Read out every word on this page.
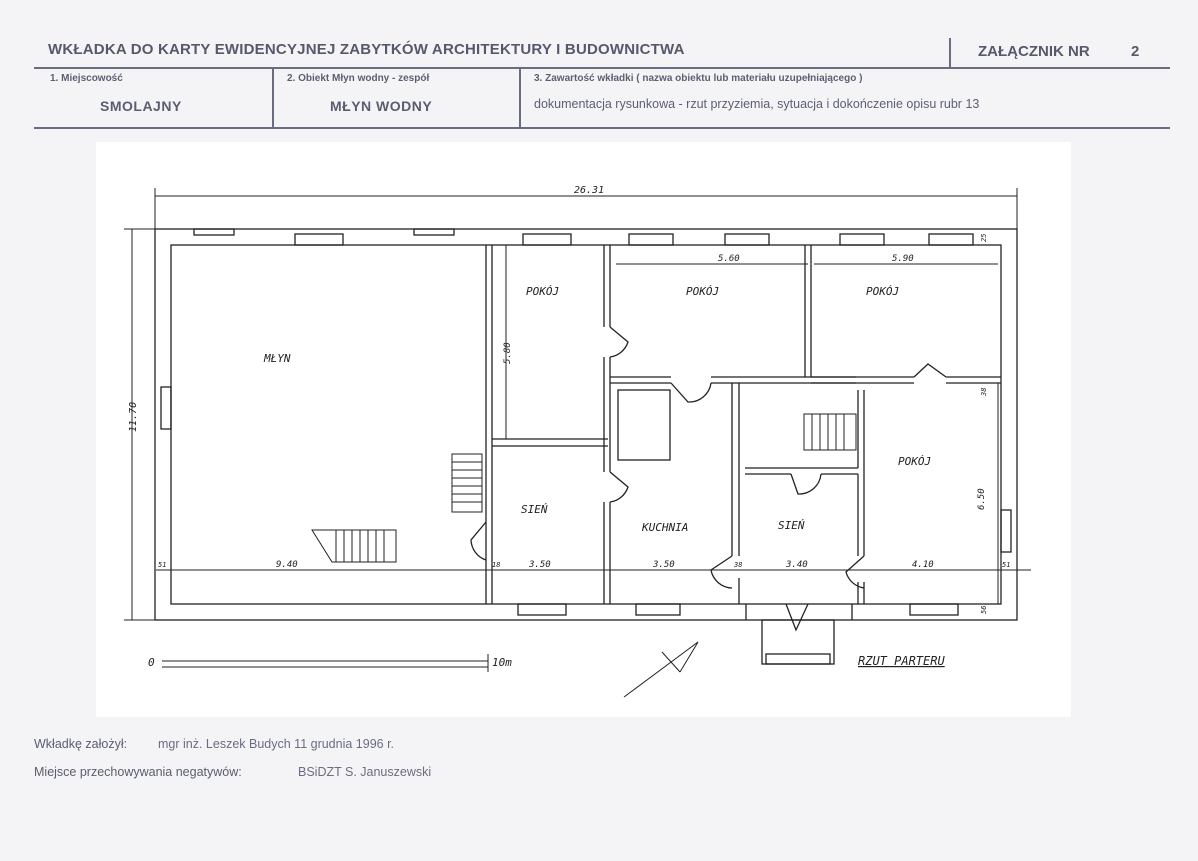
WKŁADKA DO KARTY EWIDENCYJNEJ ZABYTKÓW ARCHITEKTURY I BUDOWNICTWA	ZAŁĄCZNIK NR	2
1. Miejscowość
SMOLAJNY
2. Obiekt Młyn wodny - zespół
MŁYN WODNY
3. Zawartość wkładki ( nazwa obiektu lub materiału uzupełniającego )
dokumentacja rysunkowa - rzut przyziemia, sytuacja i dokończenie opisu rubr 13
MŁYN
POKÓJ	POKÓJ	POKÓJ
POKÓJ
SIEŃ
SIEŃ
KUCHNIA
26.31
11.70
5.60	5.90
5.80
6.50
9.40	3.50	3.50	3.40	4.10
51	51
18	38
25
56
38
0	10m	RZUT PARTERU
Wkładkę założył: mgr inż. Leszek Budych 11 grudnia 1996 r.
Miejsce przechowywania negatywów:	BSiDZT S. Januszewski
